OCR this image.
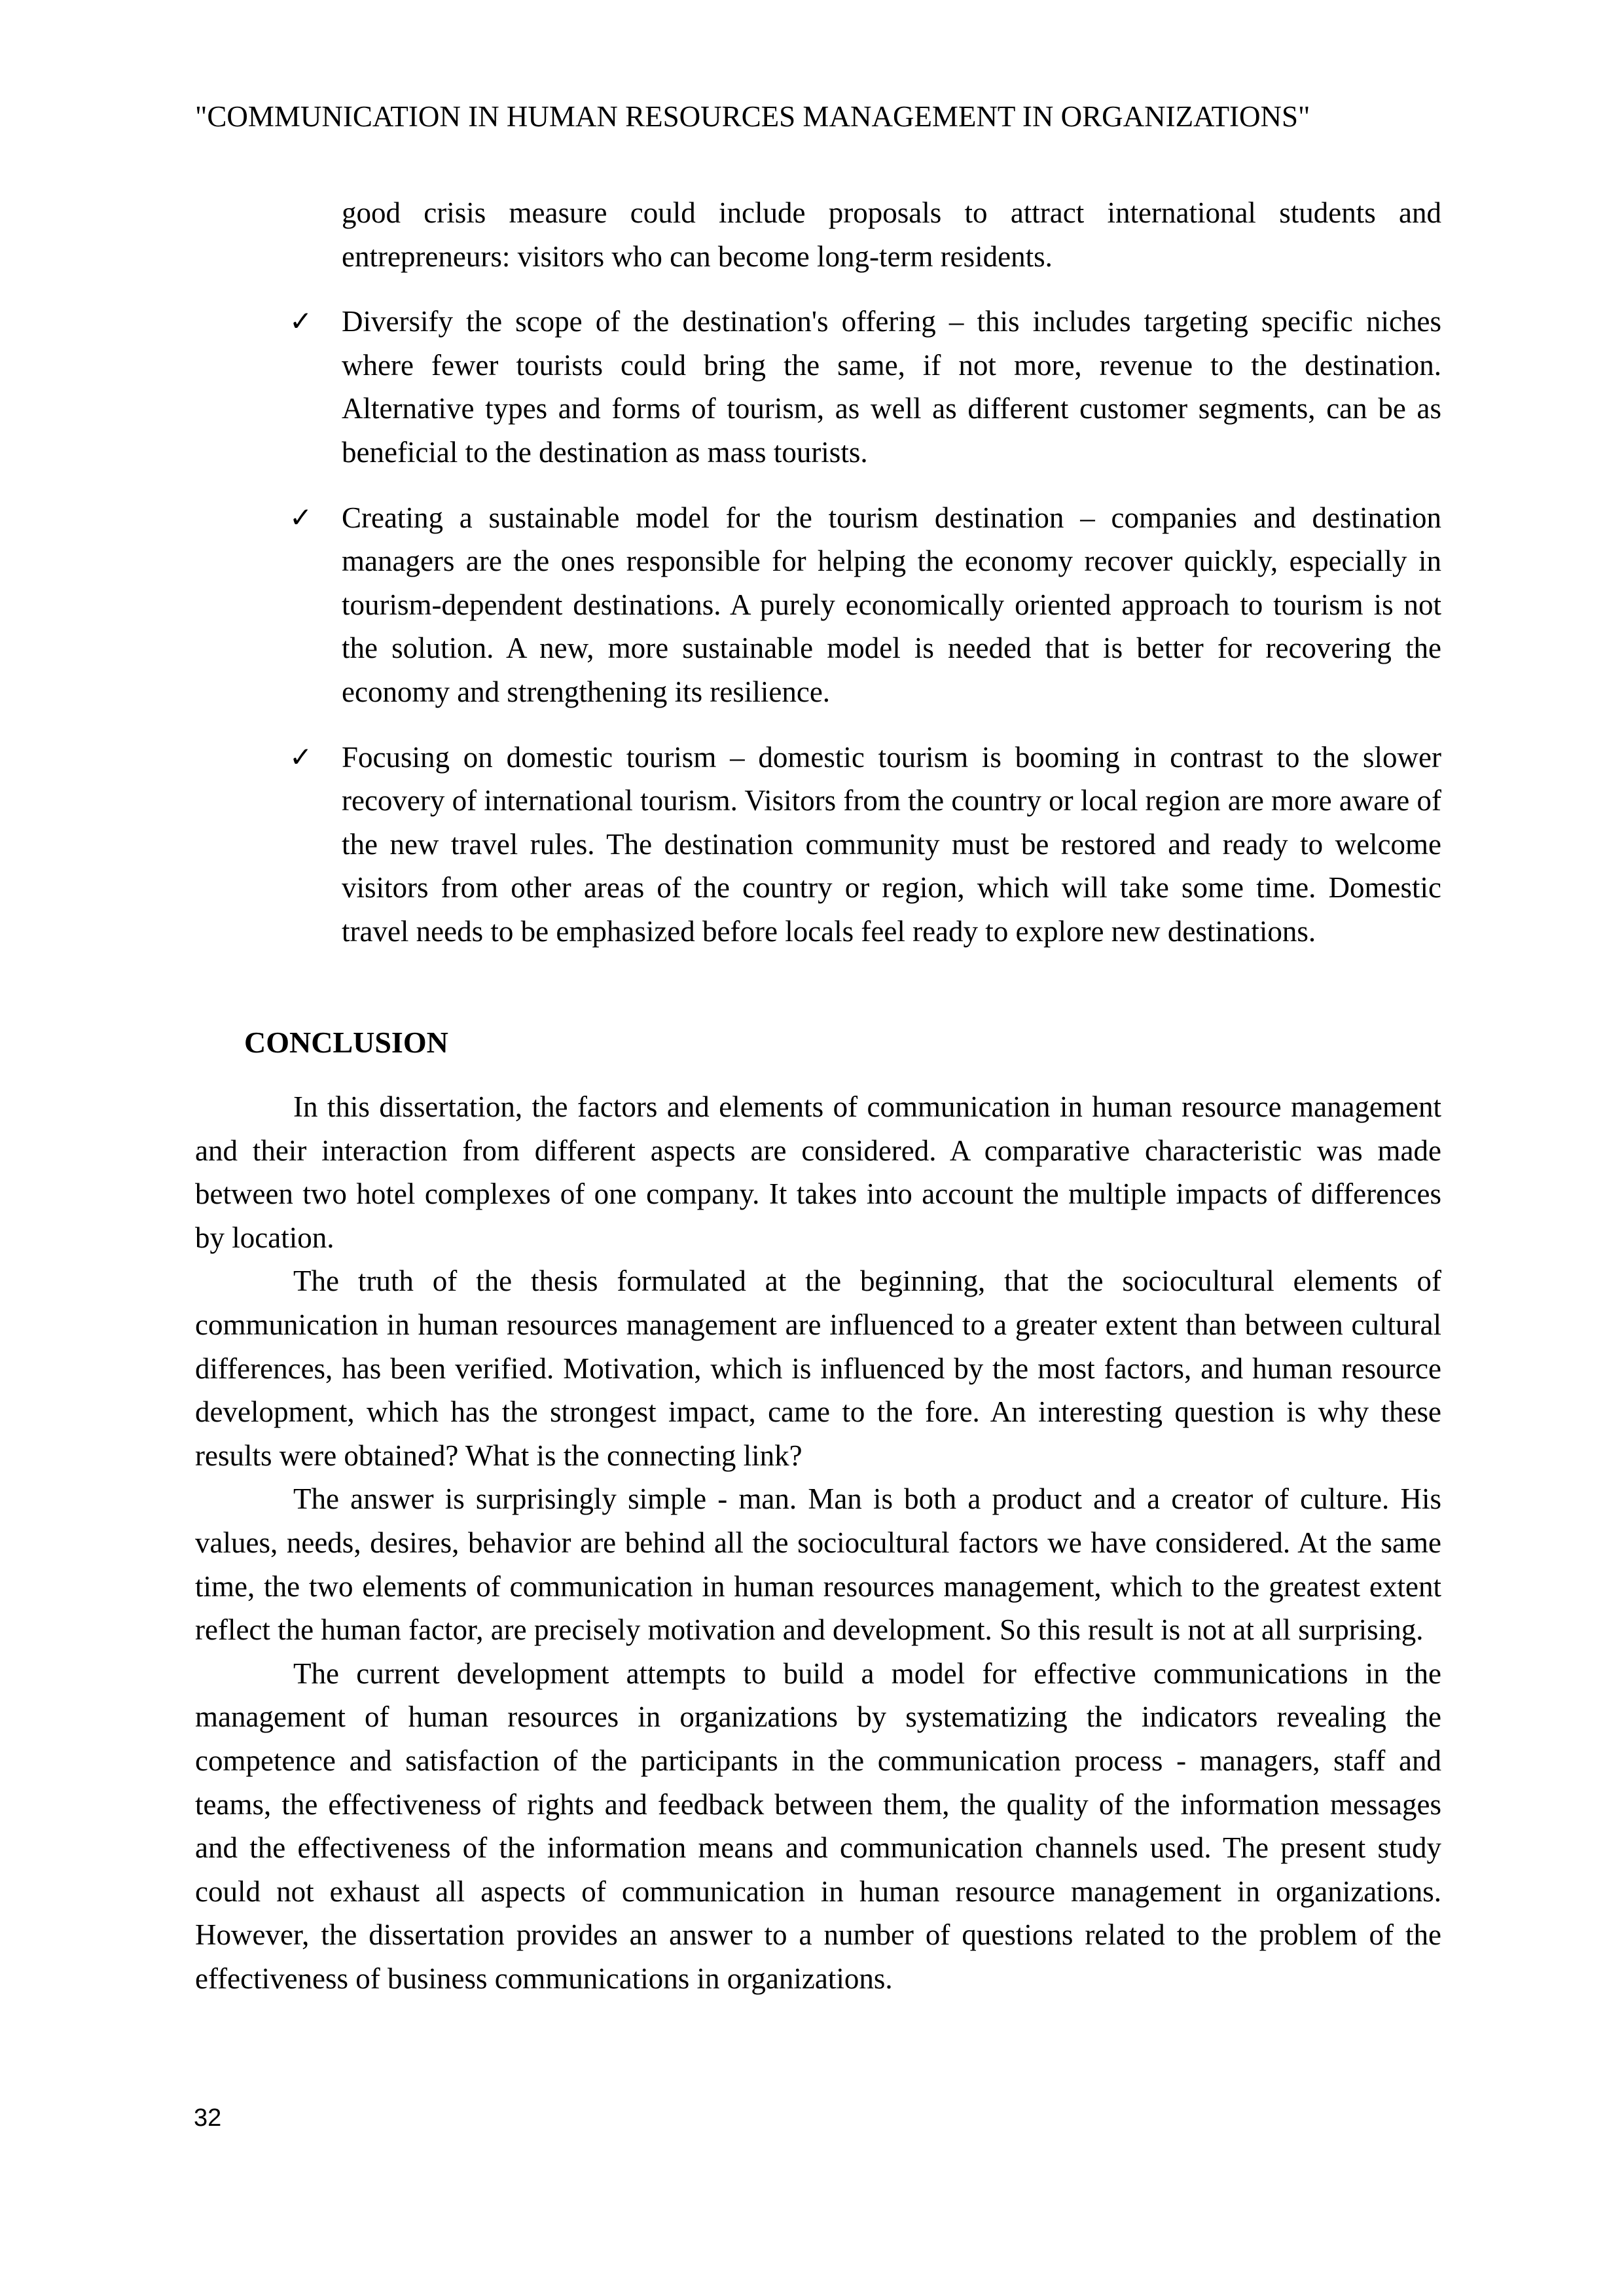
"COMMUNICATION IN HUMAN RESOURCES MANAGEMENT IN ORGANIZATIONS"
good crisis measure could include proposals to attract international students and entrepreneurs: visitors who can become long-term residents.
✓ Diversify the scope of the destination's offering – this includes targeting specific niches where fewer tourists could bring the same, if not more, revenue to the destination. Alternative types and forms of tourism, as well as different customer segments, can be as beneficial to the destination as mass tourists.
✓ Creating a sustainable model for the tourism destination – companies and destination managers are the ones responsible for helping the economy recover quickly, especially in tourism-dependent destinations. A purely economically oriented approach to tourism is not the solution. A new, more sustainable model is needed that is better for recovering the economy and strengthening its resilience.
✓ Focusing on domestic tourism – domestic tourism is booming in contrast to the slower recovery of international tourism. Visitors from the country or local region are more aware of the new travel rules. The destination community must be restored and ready to welcome visitors from other areas of the country or region, which will take some time. Domestic travel needs to be emphasized before locals feel ready to explore new destinations.
CONCLUSION

In this dissertation, the factors and elements of communication in human resource management and their interaction from different aspects are considered. A comparative characteristic was made between two hotel complexes of one company. It takes into account the multiple impacts of differences by location.

The truth of the thesis formulated at the beginning, that the sociocultural elements of communication in human resources management are influenced to a greater extent than between cultural differences, has been verified. Motivation, which is influenced by the most factors, and human resource development, which has the strongest impact, came to the fore. An interesting question is why these results were obtained? What is the connecting link?

The answer is surprisingly simple - man. Man is both a product and a creator of culture. His values, needs, desires, behavior are behind all the sociocultural factors we have considered. At the same time, the two elements of communication in human resources management, which to the greatest extent reflect the human factor, are precisely motivation and development. So this result is not at all surprising.

The current development attempts to build a model for effective communications in the management of human resources in organizations by systematizing the indicators revealing the competence and satisfaction of the participants in the communication process - managers, staff and teams, the effectiveness of rights and feedback between them, the quality of the information messages and the effectiveness of the information means and communication channels used. The present study could not exhaust all aspects of communication in human resource management in organizations. However, the dissertation provides an answer to a number of questions related to the problem of the effectiveness of business communications in organizations.

32
